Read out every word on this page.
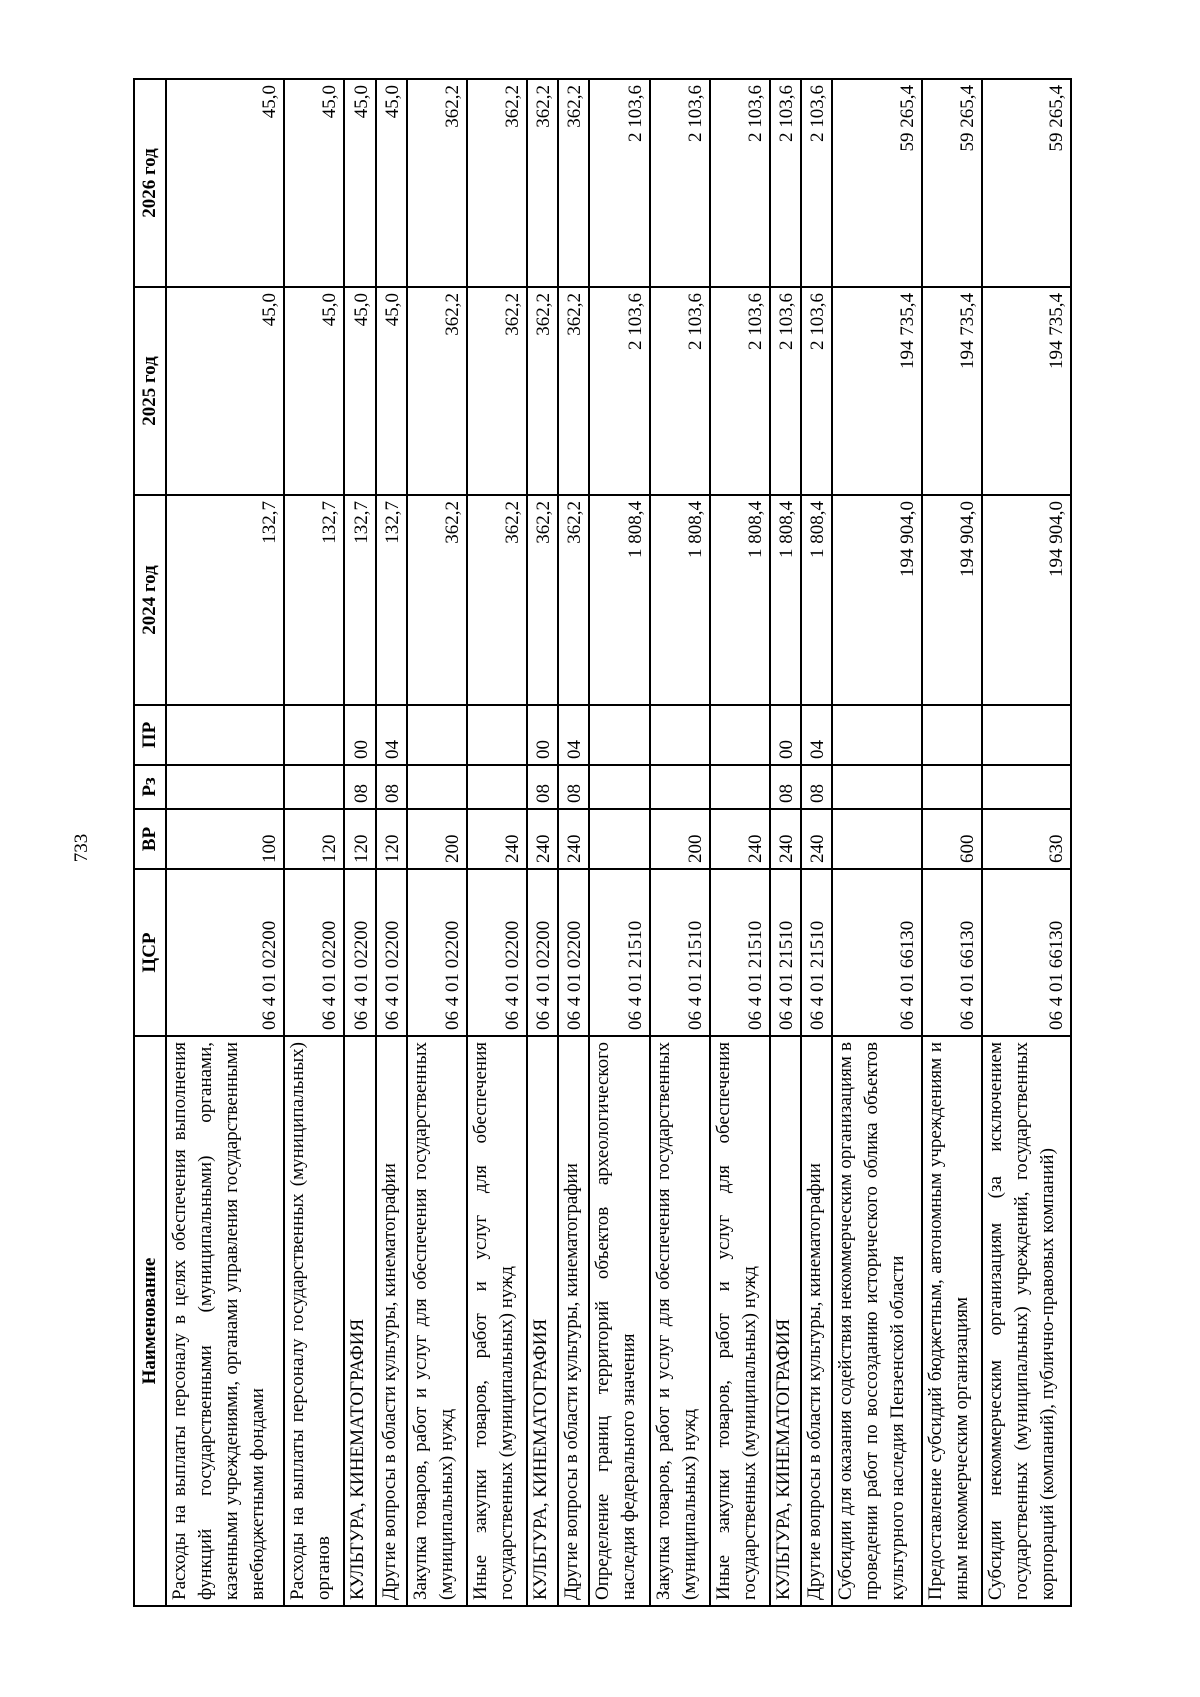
733
Наименование	ЦСР	ВР	Рз	ПР	2024 год	2025 год	2026 год
Расходы на выплаты персоналу в целях обеспечения выполнения функций государственными (муниципальными) органами, казенными учреждениями, органами управления государственными внебюджетными фондами	06 4 01 02200	100			132,7	45,0	45,0
Расходы на выплаты персоналу государственных (муниципальных) органов	06 4 01 02200	120			132,7	45,0	45,0
КУЛЬТУРА, КИНЕМАТОГРАФИЯ	06 4 01 02200	120	08	00	132,7	45,0	45,0
Другие вопросы в области культуры, кинематографии	06 4 01 02200	120	08	04	132,7	45,0	45,0
Закупка товаров, работ и услуг для обеспечения государственных (муниципальных) нужд	06 4 01 02200	200			362,2	362,2	362,2
Иные закупки товаров, работ и услуг для обеспечения государственных (муниципальных) нужд	06 4 01 02200	240			362,2	362,2	362,2
КУЛЬТУРА, КИНЕМАТОГРАФИЯ	06 4 01 02200	240	08	00	362,2	362,2	362,2
Другие вопросы в области культуры, кинематографии	06 4 01 02200	240	08	04	362,2	362,2	362,2
Определение границ территорий объектов археологического наследия федерального значения	06 4 01 21510				1 808,4	2 103,6	2 103,6
Закупка товаров, работ и услуг для обеспечения государственных (муниципальных) нужд	06 4 01 21510	200			1 808,4	2 103,6	2 103,6
Иные закупки товаров, работ и услуг для обеспечения государственных (муниципальных) нужд	06 4 01 21510	240			1 808,4	2 103,6	2 103,6
КУЛЬТУРА, КИНЕМАТОГРАФИЯ	06 4 01 21510	240	08	00	1 808,4	2 103,6	2 103,6
Другие вопросы в области культуры, кинематографии	06 4 01 21510	240	08	04	1 808,4	2 103,6	2 103,6
Субсидии для оказания содействия некоммерческим организациям в проведении работ по воссозданию исторического облика объектов культурного наследия Пензенской области	06 4 01 66130				194 904,0	194 735,4	59 265,4
Предоставление субсидий бюджетным, автономным учреждениям и иным некоммерческим организациям	06 4 01 66130	600			194 904,0	194 735,4	59 265,4
Субсидии некоммерческим организациям (за исключением государственных (муниципальных) учреждений, государственных корпораций (компаний), публично-правовых компаний)	06 4 01 66130	630			194 904,0	194 735,4	59 265,4
